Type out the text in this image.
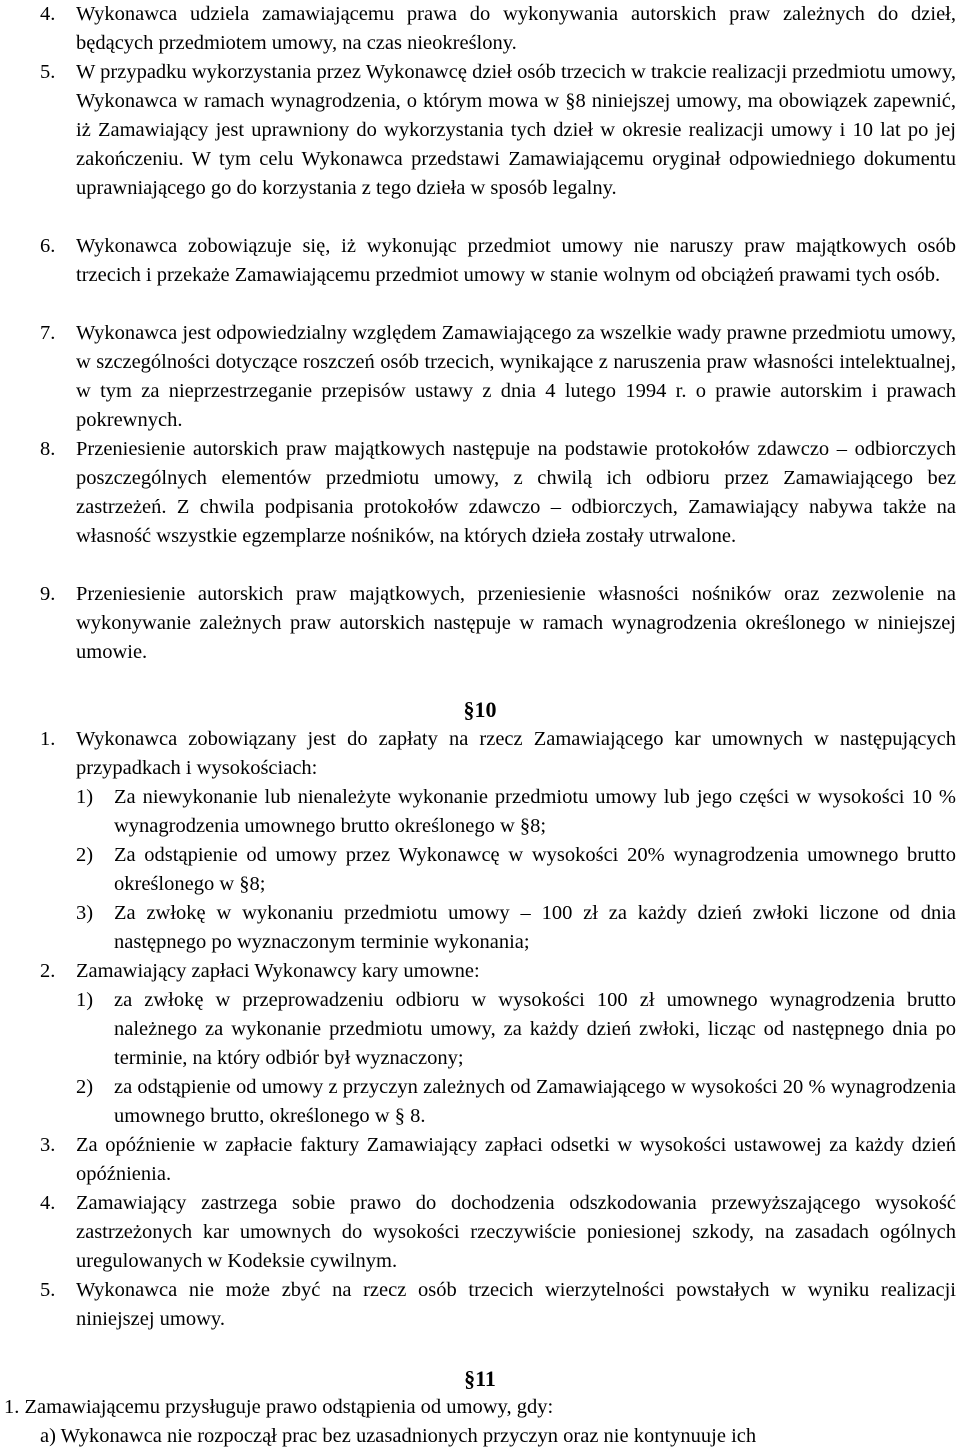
4. Wykonawca udziela zamawiającemu prawa do wykonywania autorskich praw zależnych do dzieł, będących przedmiotem umowy, na czas nieokreślony.
5. W przypadku wykorzystania przez Wykonawcę dzieł osób trzecich w trakcie realizacji przedmiotu umowy, Wykonawca w ramach wynagrodzenia, o którym mowa w §8 niniejszej umowy, ma obowiązek zapewnić, iż Zamawiający jest uprawniony do wykorzystania tych dzieł w okresie realizacji umowy i 10 lat po jej zakończeniu. W tym celu Wykonawca przedstawi Zamawiającemu oryginał odpowiedniego dokumentu uprawniającego go do korzystania z tego dzieła w sposób legalny.
6. Wykonawca zobowiązuje się, iż wykonując przedmiot umowy nie naruszy praw majątkowych osób trzecich i przekaże Zamawiającemu przedmiot umowy w stanie wolnym od obciążeń prawami tych osób.
7. Wykonawca jest odpowiedzialny względem Zamawiającego za wszelkie wady prawne przedmiotu umowy, w szczególności dotyczące roszczeń osób trzecich, wynikające z naruszenia praw własności intelektualnej, w tym za nieprzestrzeganie przepisów ustawy z dnia 4 lutego 1994 r. o prawie autorskim i prawach pokrewnych.
8. Przeniesienie autorskich praw majątkowych następuje na podstawie protokołów zdawczo – odbiorczych poszczególnych elementów przedmiotu umowy, z chwilą ich odbioru przez Zamawiającego bez zastrzeżeń. Z chwila podpisania protokołów zdawczo – odbiorczych, Zamawiający nabywa także na własność wszystkie egzemplarze nośników, na których dzieła zostały utrwalone.
9. Przeniesienie autorskich praw majątkowych, przeniesienie własności nośników oraz zezwolenie na wykonywanie zależnych praw autorskich następuje w ramach wynagrodzenia określonego w niniejszej umowie.
§10
1. Wykonawca zobowiązany jest do zapłaty na rzecz Zamawiającego kar umownych w następujących przypadkach i wysokościach:
1) Za niewykonanie lub nienależyte wykonanie przedmiotu umowy lub jego części w wysokości 10 % wynagrodzenia umownego brutto określonego w §8;
2) Za odstąpienie od umowy przez Wykonawcę w wysokości 20% wynagrodzenia umownego brutto określonego w §8;
3) Za zwłokę w wykonaniu przedmiotu umowy – 100 zł za każdy dzień zwłoki liczone od dnia następnego po wyznaczonym terminie wykonania;
2. Zamawiający zapłaci Wykonawcy kary umowne:
1) za zwłokę w przeprowadzeniu odbioru w wysokości 100 zł umownego wynagrodzenia brutto należnego za wykonanie przedmiotu umowy, za każdy dzień zwłoki, licząc od następnego dnia po terminie, na który odbiór był wyznaczony;
2) za odstąpienie od umowy z przyczyn zależnych od Zamawiającego w wysokości 20 % wynagrodzenia umownego brutto, określonego w § 8.
3. Za opóźnienie w zapłacie faktury Zamawiający zapłaci odsetki w wysokości ustawowej za każdy dzień opóźnienia.
4. Zamawiający zastrzega sobie prawo do dochodzenia odszkodowania przewyższającego wysokość zastrzeżonych kar umownych do wysokości rzeczywiście poniesionej szkody, na zasadach ogólnych uregulowanych w Kodeksie cywilnym.
5. Wykonawca nie może zbyć na rzecz osób trzecich wierzytelności powstałych w wyniku realizacji niniejszej umowy.
§11
1. Zamawiającemu przysługuje prawo odstąpienia od umowy, gdy:
a) Wykonawca nie rozpoczął prac bez uzasadnionych przyczyn oraz nie kontynuuje ich
